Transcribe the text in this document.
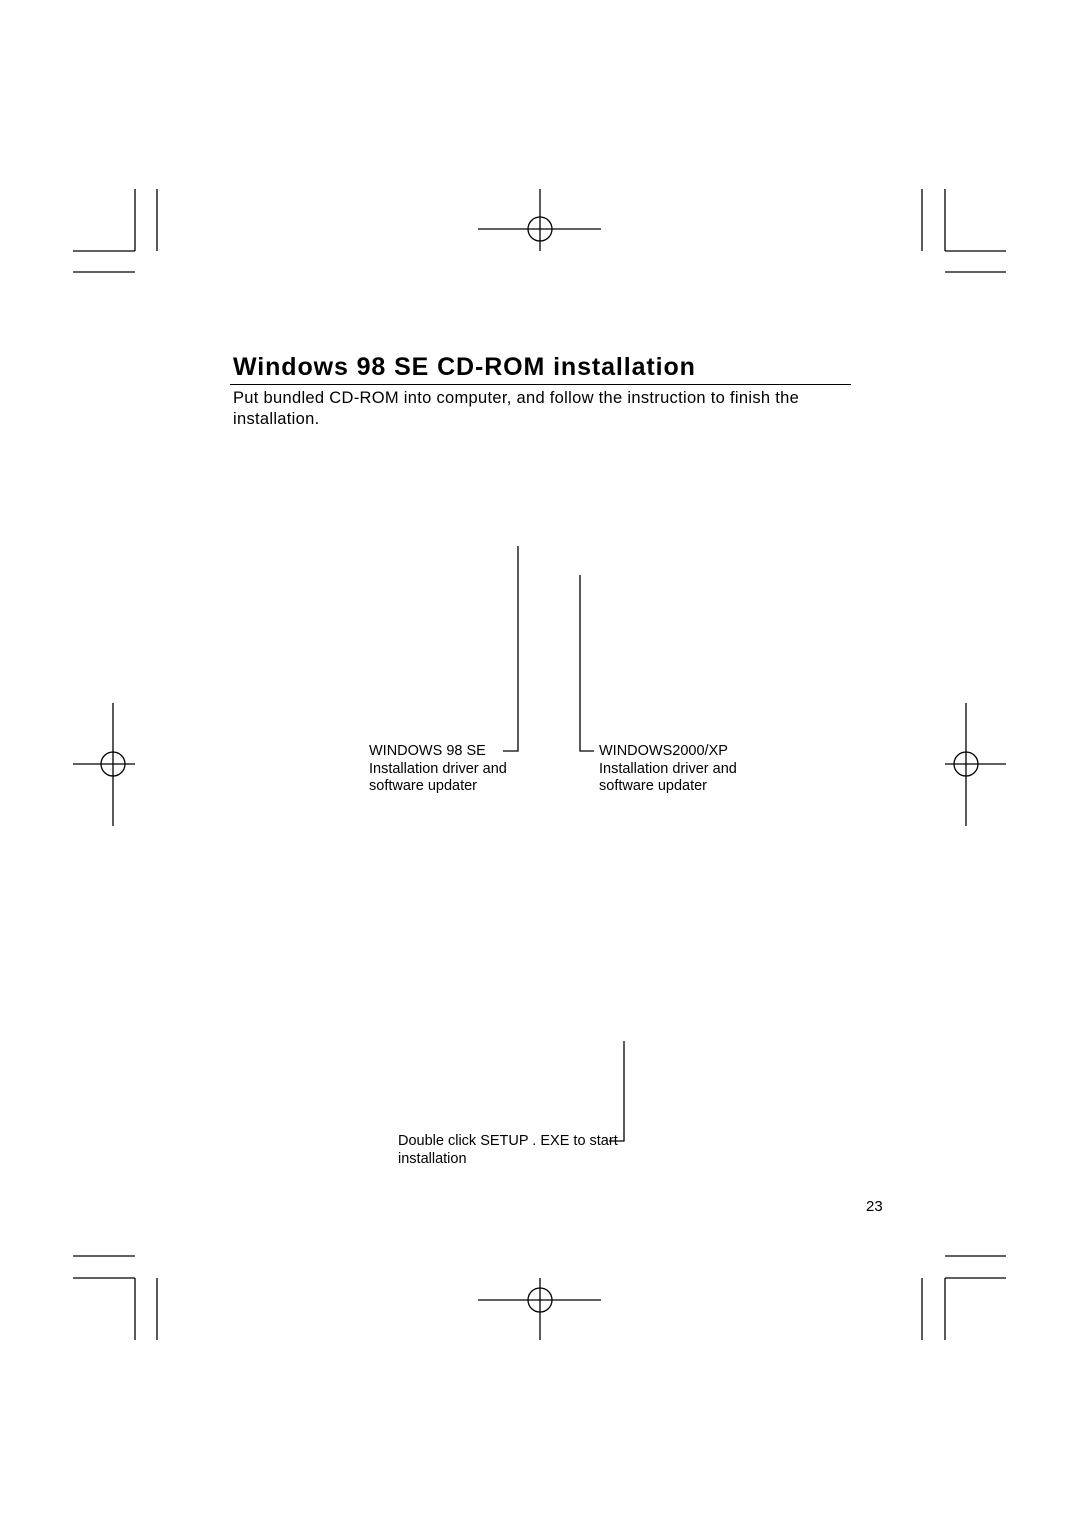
Windows 98 SE CD-ROM installation
Put bundled CD-ROM into computer, and follow the instruction to finish the installation.
WINDOWS 98 SE
Installation driver and software updater
WINDOWS2000/XP
Installation driver and software updater
Double click SETUP . EXE to start installation
23
